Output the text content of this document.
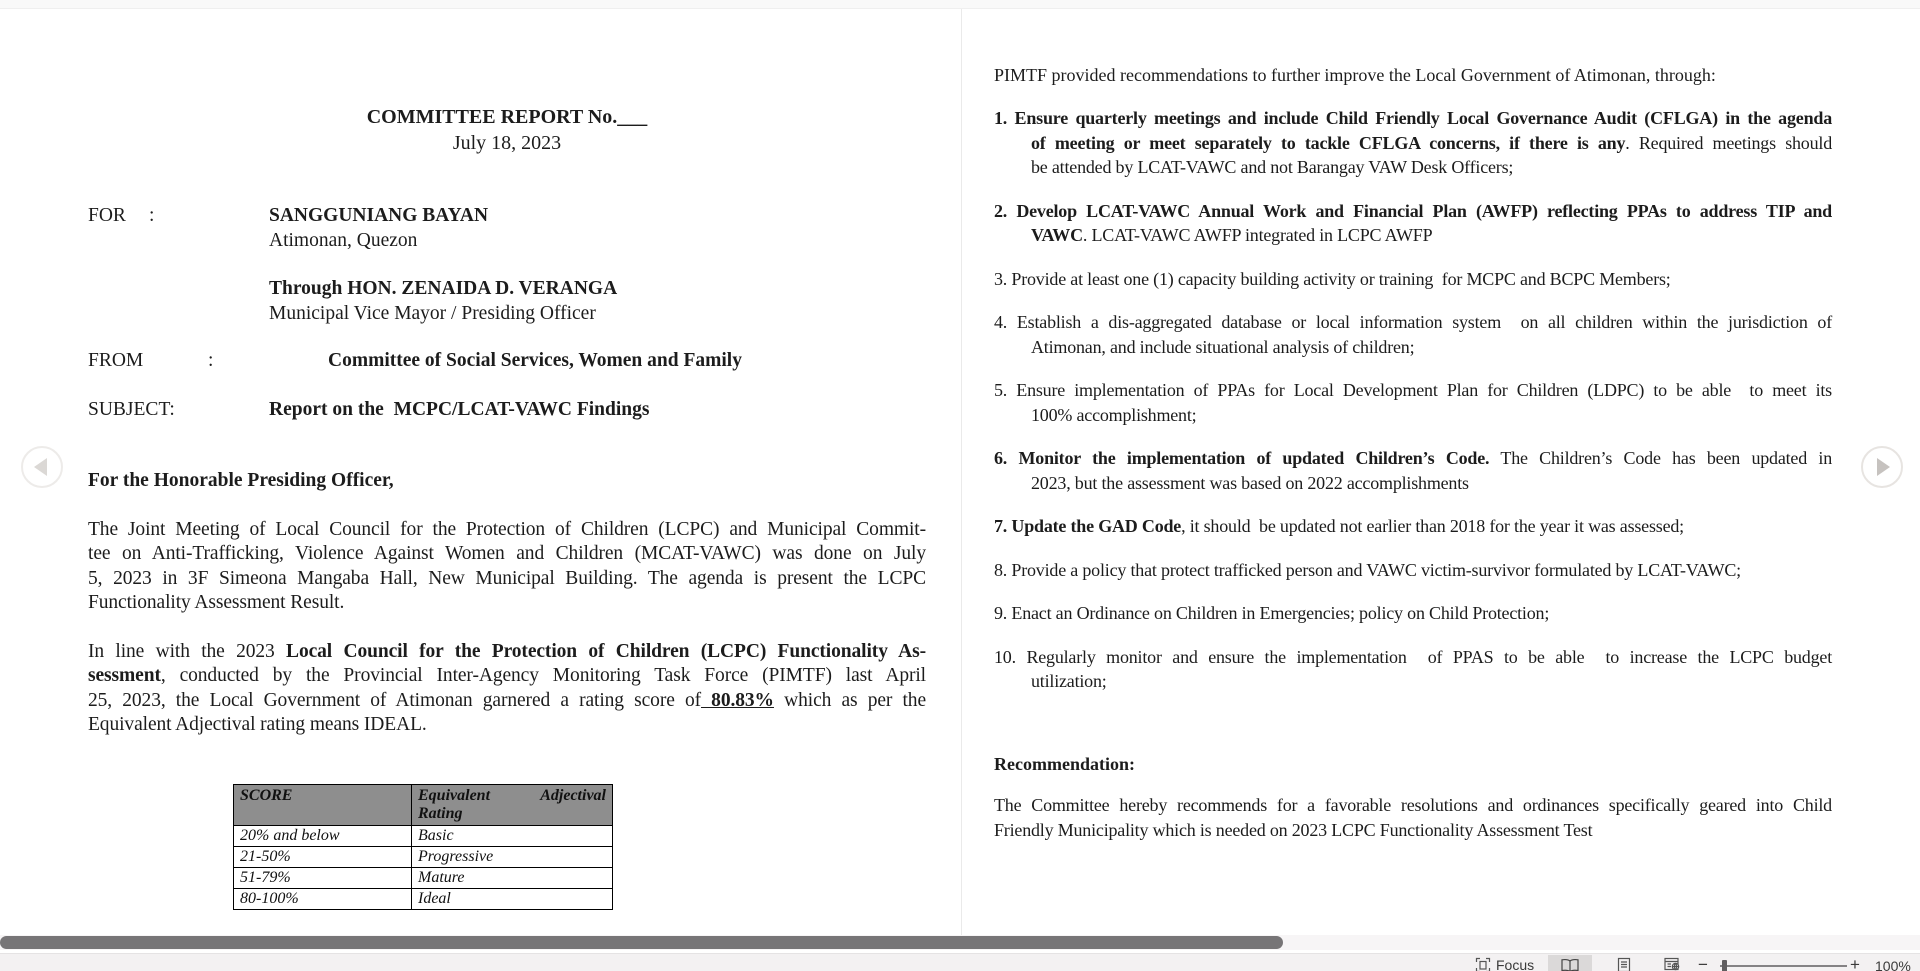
COMMITTEE REPORT No.___
July 18, 2023
FOR :	SANGGUNIANG BAYAN
Atimonan, Quezon
Through HON. ZENAIDA D. VERANGA
Municipal Vice Mayor / Presiding Officer
FROM	:	Committee of Social Services, Women and Family
SUBJECT:	Report on the  MCPC/LCAT-VAWC Findings
For the Honorable Presiding Officer,
The Joint Meeting of Local Council for the Protection of Children (LCPC) and Municipal Commit-
tee on Anti-Trafficking, Violence Against Women and Children (MCAT-VAWC) was done on July
5, 2023 in 3F Simeona Mangaba Hall, New Municipal Building. The agenda is present the LCPC
Functionality Assessment Result.
In line with the 2023 Local Council for the Protection of Children (LCPC) Functionality As-
sessment, conducted by the Provincial Inter-Agency Monitoring Task Force (PIMTF) last April
25, 2023, the Local Government of Atimonan garnered a rating score of 80.83% which as per the
Equivalent Adjectival rating means IDEAL.
SCORE	Equivalent Adjectival
Rating

20% and below	Basic
21-50%	Progressive
51-79%	Mature
80-100%	Ideal
PIMTF provided recommendations to further improve the Local Government of Atimonan, through:
1. Ensure quarterly meetings and include Child Friendly Local Governance Audit (CFLGA) in the agenda
of meeting or meet separately to tackle CFLGA concerns, if there is any. Required meetings should
be attended by LCAT-VAWC and not Barangay VAW Desk Officers;
2. Develop LCAT-VAWC Annual Work and Financial Plan (AWFP) reflecting PPAs to address TIP and
VAWC. LCAT-VAWC AWFP integrated in LCPC AWFP
3. Provide at least one (1) capacity building activity or training  for MCPC and BCPC Members;
4. Establish a dis-aggregated database or local information system  on all children within the jurisdiction of
Atimonan, and include situational analysis of children;
5. Ensure implementation of PPAs for Local Development Plan for Children (LDPC) to be able  to meet its
100% accomplishment;
6. Monitor the implementation of updated Children’s Code. The Children’s Code has been updated in
2023, but the assessment was based on 2022 accomplishments
7. Update the GAD Code, it should  be updated not earlier than 2018 for the year it was assessed;
8. Provide a policy that protect trafficked person and VAWC victim-survivor formulated by LCAT-VAWC;
9. Enact an Ordinance on Children in Emergencies; policy on Child Protection;
10. Regularly monitor and ensure the implementation  of PPAS to be able  to increase the LCPC budget
utilization;
Recommendation:
The Committee hereby recommends for a favorable resolutions and ordinances specifically geared into Child
Friendly Municipality which is needed on 2023 LCPC Functionality Assessment Test
Focus	−	+ 100%
